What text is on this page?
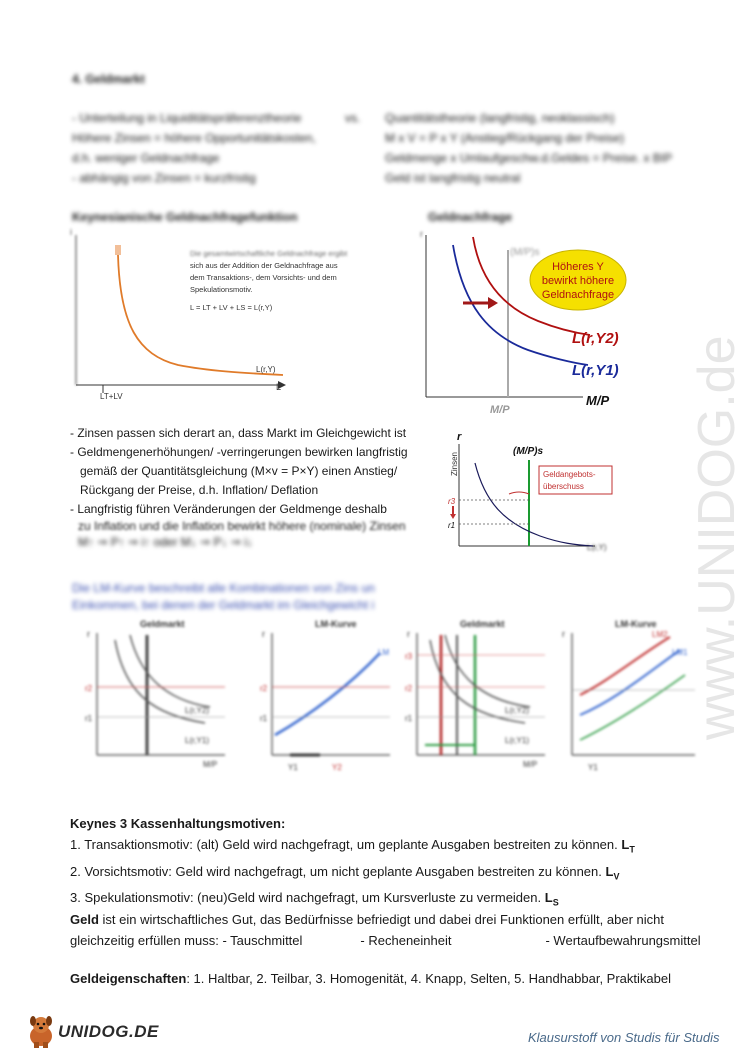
4. Geldmarkt
- Unterteilung in Liquiditätspräferenztheorie
Höhere Zinsen = höhere Opportunitätskosten,
d.h. weniger Geldnachfrage
- abhängig von Zinsen = kurzfristig
vs. Quantitätstheorie (langfristig, neoklassisch)
M x V = P x Y (Anstieg/Rückgang der Preise)
Geldmenge x Umlaufgeschw.d.Geldes = Preise. x BIP
Geld ist langfristig neutral
Keynesianische Geldnachfragefunktion	Geldnachfrage
i
L
LT+LV
L(r,Y)
Die gesamtwirtschaftliche Geldnachfrage ergibt
sich aus der Addition der Geldnachfrage aus
dem Transaktions-, dem Vorsichts- und dem
Spekulationsmotiv.
L = LT + LV + LS = L(r,Y)
r
(M/P)s
Höheres Y
bewirkt höhere
Geldnachfrage
L(r,Y2)
L(r,Y1)
M/P
M/P
- Zinsen passen sich derart an, dass Markt im Gleichgewicht ist
- Geldmengenerhöhungen/ -verringerungen bewirken langfristig
gemäß der Quantitätsgleichung (M×v = P×Y) einen Anstieg/
Rückgang der Preise, d.h. Inflation/ Deflation
- Langfristig führen Veränderungen der Geldmenge deshalb
zu Inflation und die Inflation bewirkt höhere (nominale) Zinsen
M↑ ⇒ P↑ ⇒ i↑ oder M↓ ⇒ P↓ ⇒ i↓
r
Zinsen
(M/P)s
Geldangebots-
überschuss
r3
r1
L(r,Y)
Die LM-Kurve beschreibt alle Kombinationen von Zins un
Einkommen, bei denen der Geldmarkt im Gleichgewicht i
Geldmarkt
r
r2
r1
L(r,Y2)
L(r,Y1)
M/P
LM-Kurve
r
r2
r1
LM
Y1	Y2
Geldmarkt
r
r3
r2
r1
L(r,Y2)
L(r,Y1)
M/P
LM-Kurve
r	LM2
LM1
Y1
www.UNIDOG.de
Keynes 3 Kassenhaltungsmotiven:
1. Transaktionsmotiv: (alt) Geld wird nachgefragt, um geplante Ausgaben bestreiten zu können. $L_T$
2. Vorsichtsmotiv: Geld wird nachgefragt, um nicht geplante Ausgaben bestreiten zu können. $L_V$
3. Spekulationsmotiv: (neu)Geld wird nachgefragt, um Kursverluste zu vermeiden. $L_S$
Geld ist ein wirtschaftliches Gut, das Bedürfnisse befriedigt und dabei drei Funktionen erfüllt, aber nicht
gleichzeitig erfüllen muss: - Tauschmittel	- Recheneinheit	- Wertaufbewahrungsmittel
Geldeigenschaften: 1. Haltbar, 2. Teilbar, 3. Homogenität, 4. Knapp, Selten, 5. Handhabbar, Praktikabel
UNIDOG.DE	Klausurstoff von Studis für Studis
